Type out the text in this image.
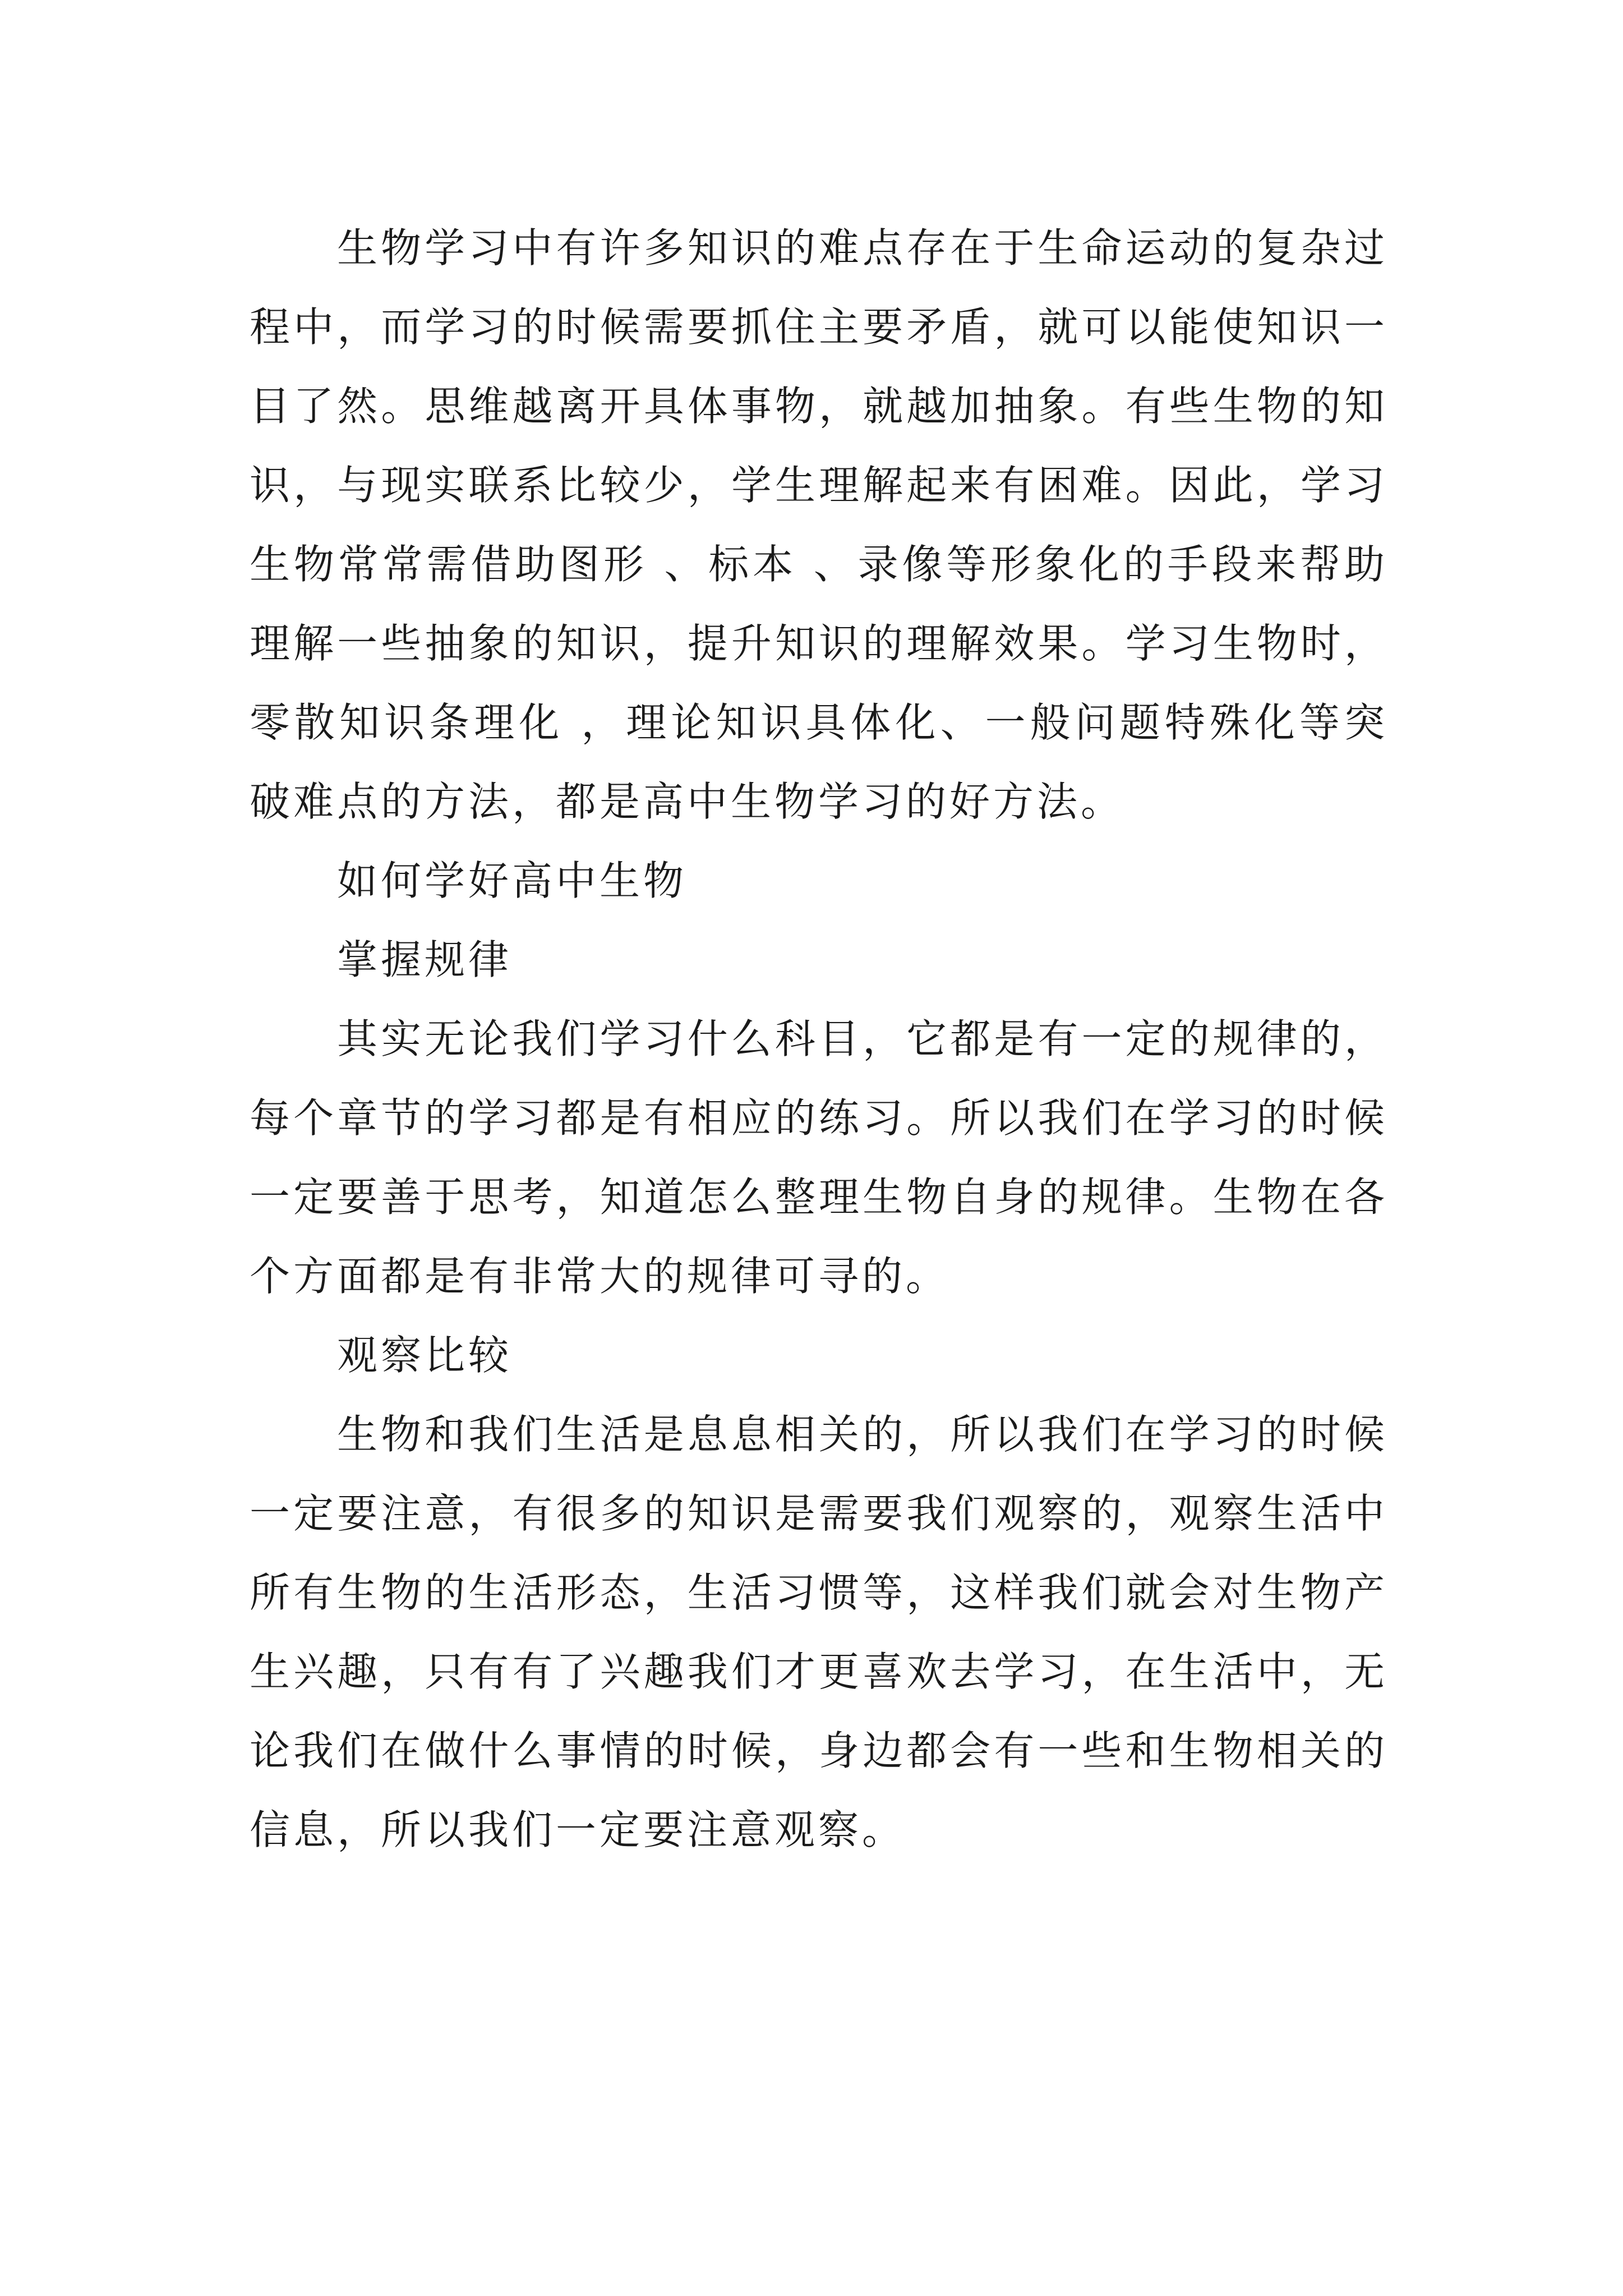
生物学习中有许多知识的难点存在于生命运动的复杂过程中，而学习的时候需要抓住主要矛盾，就可以能使知识一目了然。思维越离开具体事物，就越加抽象。有些生物的知识，与现实联系比较少，学生理解起来有困难。因此，学习生物常常需借助图形 、标本 、录像等形象化的手段来帮助理解一些抽象的知识，提升知识的理解效果。学习生物时，零散知识条理化 ，理论知识具体化、一般问题特殊化等突破难点的方法，都是高中生物学习的好方法。

如何学好高中生物

掌握规律

其实无论我们学习什么科目，它都是有一定的规律的，每个章节的学习都是有相应的练习。所以我们在学习的时候一定要善于思考，知道怎么整理生物自身的规律。生物在各个方面都是有非常大的规律可寻的。

观察比较

生物和我们生活是息息相关的，所以我们在学习的时候一定要注意，有很多的知识是需要我们观察的，观察生活中所有生物的生活形态，生活习惯等，这样我们就会对生物产生兴趣，只有有了兴趣我们才更喜欢去学习，在生活中，无论我们在做什么事情的时候，身边都会有一些和生物相关的信息，所以我们一定要注意观察。
